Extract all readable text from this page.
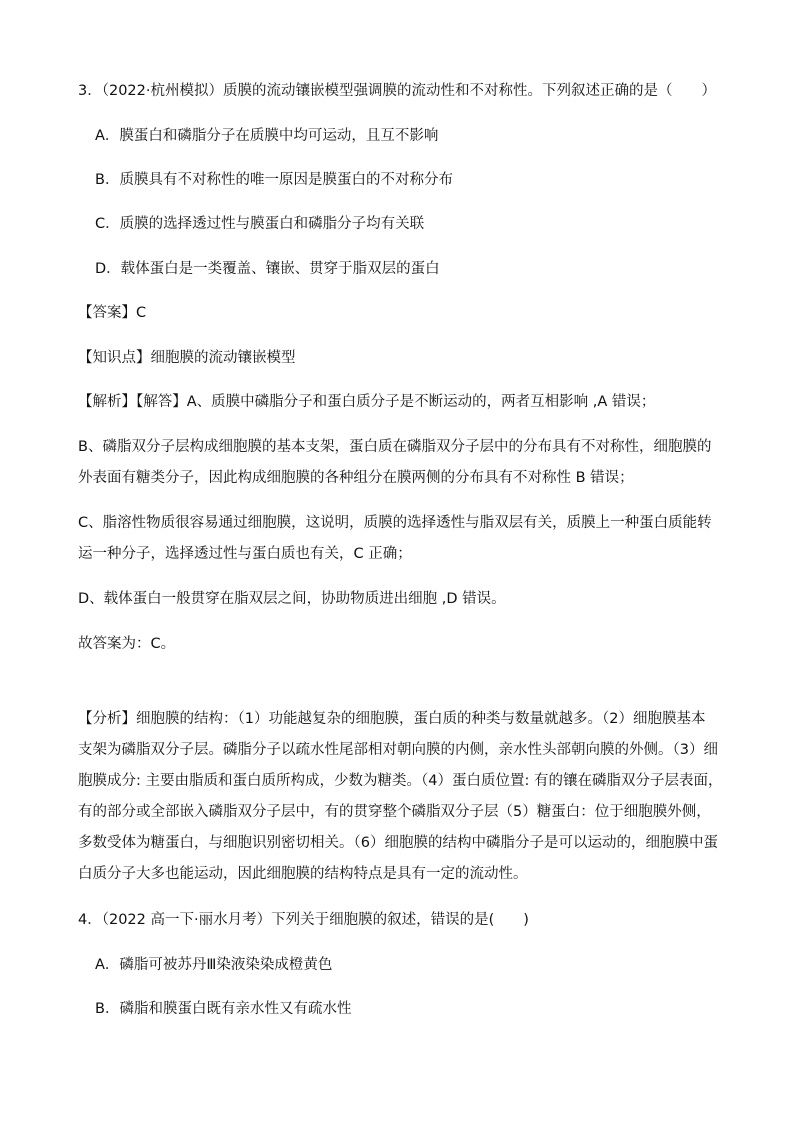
3．（2022·杭州模拟）质膜的流动镶嵌模型强调膜的流动性和不对称性。下列叙述正确的是（　　）
A．膜蛋白和磷脂分子在质膜中均可运动，且互不影响
B．质膜具有不对称性的唯一原因是膜蛋白的不对称分布
C．质膜的选择透过性与膜蛋白和磷脂分子均有关联
D．载体蛋白是一类覆盖、镶嵌、贯穿于脂双层的蛋白
【答案】C
【知识点】细胞膜的流动镶嵌模型
【解析】【解答】A、质膜中磷脂分子和蛋白质分子是不断运动的，两者互相影响 ,A 错误；
B、磷脂双分子层构成细胞膜的基本支架，蛋白质在磷脂双分子层中的分布具有不对称性，细胞膜的
外表面有糖类分子，因此构成细胞膜的各种组分在膜两侧的分布具有不对称性 B 错误；
C、脂溶性物质很容易通过细胞膜，这说明，质膜的选择透性与脂双层有关，质膜上一种蛋白质能转
运一种分子，选择透过性与蛋白质也有关，C 正确；
D、载体蛋白一般贯穿在脂双层之间，协助物质进出细胞 ,D 错误。
故答案为：C。
【分析】细胞膜的结构：（1）功能越复杂的细胞膜，蛋白质的种类与数量就越多。（2）细胞膜基本
支架为磷脂双分子层。磷脂分子以疏水性尾部相对朝向膜的内侧，亲水性头部朝向膜的外侧。（3）细
胞膜成分: 主要由脂质和蛋白质所构成，少数为糖类。（4）蛋白质位置: 有的镶在磷脂双分子层表面，
有的部分或全部嵌入磷脂双分子层中，有的贯穿整个磷脂双分子层（5）糖蛋白：位于细胞膜外侧，
多数受体为糖蛋白，与细胞识别密切相关。（6）细胞膜的结构中磷脂分子是可以运动的，细胞膜中蛋
白质分子大多也能运动，因此细胞膜的结构特点是具有一定的流动性。
4．（2022 高一下·丽水月考）下列关于细胞膜的叙述，错误的是(　　)
A．磷脂可被苏丹Ⅲ染液染染成橙黄色
B．磷脂和膜蛋白既有亲水性又有疏水性
